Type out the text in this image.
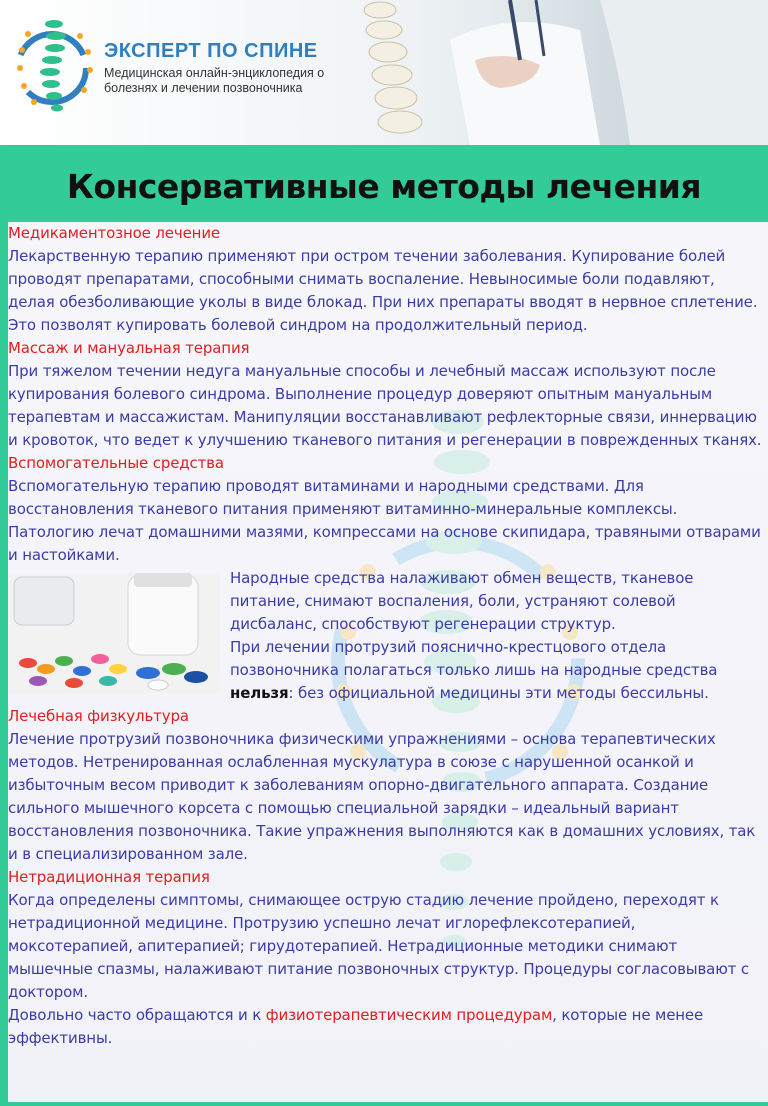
ЭКСПЕРТ ПО СПИНЕ
Медицинская онлайн-энциклопедия о болезнях и лечении позвоночника
Консервативные методы лечения
Медикаментозное лечение

Лекарственную терапию применяют при остром течении заболевания. Купирование болей проводят препаратами, способными снимать воспаление. Невыносимые боли подавляют, делая обезболивающие уколы в виде блокад. При них препараты вводят в нервное сплетение. Это позволят купировать болевой синдром на продолжительный период.

Массаж и мануальная терапия

При тяжелом течении недуга мануальные способы и лечебный массаж используют после купирования болевого синдрома. Выполнение процедур доверяют опытным мануальным терапевтам и массажистам. Манипуляции восстанавливают рефлекторные связи, иннервацию и кровоток, что ведет к улучшению тканевого питания и регенерации в поврежденных тканях.

Вспомогательные средства

Вспомогательную терапию проводят витаминами и народными средствами. Для восстановления тканевого питания применяют витаминно-минеральные комплексы. Патологию лечат домашними мазями, компрессами на основе скипидара, травяными отварами и настойками.

Народные средства налаживают обмен веществ, тканевое питание, снимают воспаления, боли, устраняют солевой дисбаланс, способствуют регенерации структур.

При лечении протрузий пояснично-крестцового отдела позвоночника полагаться только лишь на народные средства нельзя: без официальной медицины эти методы бессильны.

Лечебная физкультура

Лечение протрузий позвоночника физическими упражнениями – основа терапевтических методов. Нетренированная ослабленная мускулатура в союзе с нарушенной осанкой и избыточным весом приводит к заболеваниям опорно-двигательного аппарата. Создание сильного мышечного корсета с помощью специальной зарядки – идеальный вариант восстановления позвоночника. Такие упражнения выполняются как в домашних условиях, так и в специализированном зале.

Нетрадиционная терапия

Когда определены симптомы, снимающее острую стадию лечение пройдено, переходят к нетрадиционной медицине. Протрузию успешно лечат иглорефлексотерапией, моксотерапией, апитерапией; гирудотерапией. Нетрадиционные методики снимают мышечные спазмы, налаживают питание позвоночных структур. Процедуры согласовывают с доктором.

Довольно часто обращаются и к физиотерапевтическим процедурам, которые не менее эффективны.
